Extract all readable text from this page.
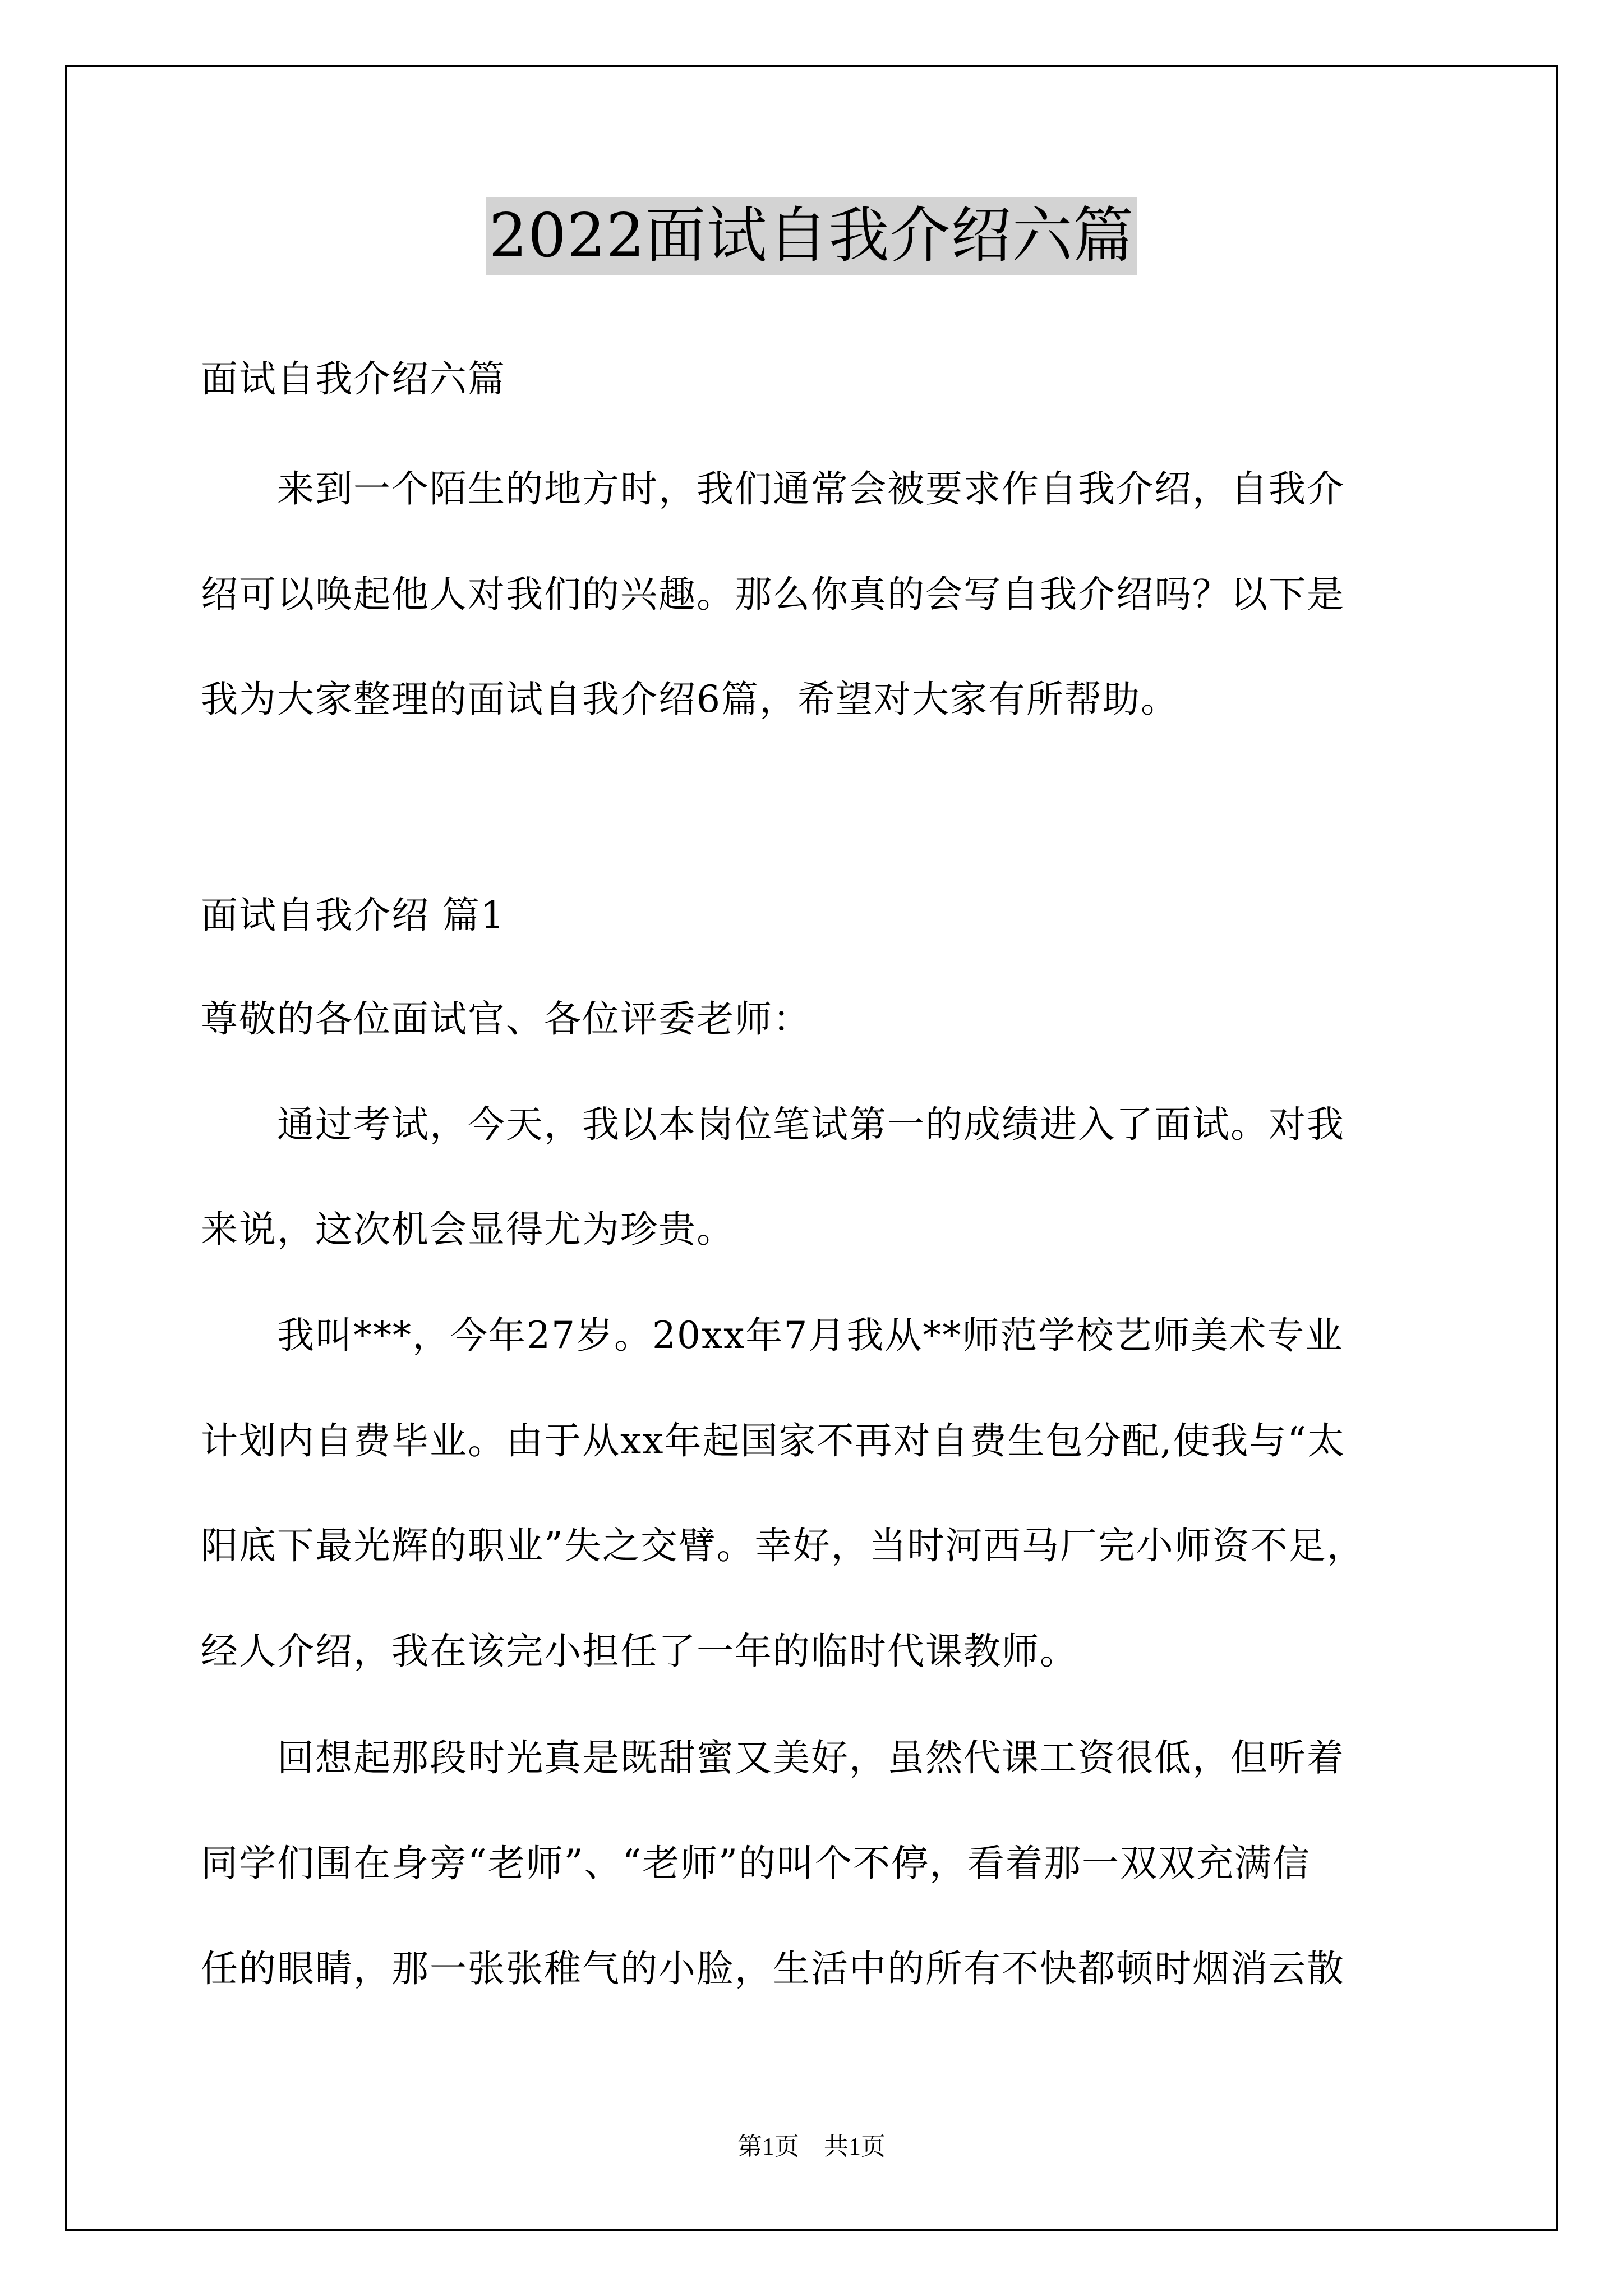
2022面试自我介绍六篇
面试自我介绍六篇
　　来到一个陌生的地方时，我们通常会被要求作自我介绍，自我介
绍可以唤起他人对我们的兴趣。那么你真的会写自我介绍吗？以下是
我为大家整理的面试自我介绍6篇，希望对大家有所帮助。
面试自我介绍 篇1
尊敬的各位面试官、各位评委老师：
　　通过考试，今天，我以本岗位笔试第一的成绩进入了面试。对我
来说，这次机会显得尤为珍贵。
　　我叫***，今年27岁。20xx年7月我从**师范学校艺师美术专业
计划内自费毕业。由于从xx年起国家不再对自费生包分配,使我与“太
阳底下最光辉的职业”失之交臂。幸好，当时河西马厂完小师资不足，
经人介绍，我在该完小担任了一年的临时代课教师。
　　回想起那段时光真是既甜蜜又美好，虽然代课工资很低，但听着
同学们围在身旁“老师”、“老师”的叫个不停，看着那一双双充满信
任的眼睛，那一张张稚气的小脸，生活中的所有不快都顿时烟消云散
第1页　共1页
